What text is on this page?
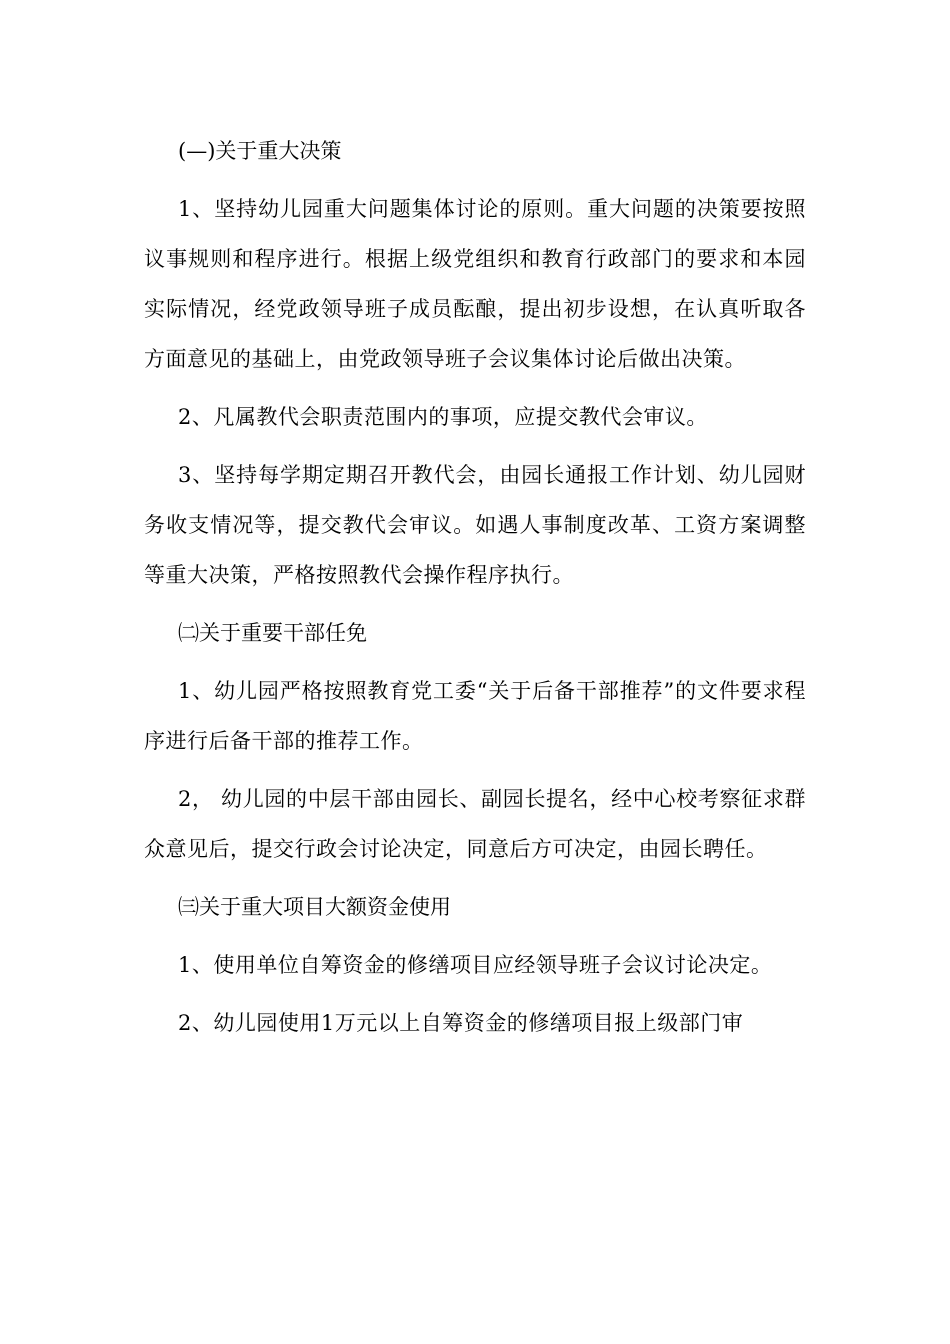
(—)关于重大决策

1、坚持幼儿园重大问题集体讨论的原则。重大问题的决策要按照议事规则和程序进行。根据上级党组织和教育行政部门的要求和本园实际情况，经党政领导班子成员酝酿，提出初步设想，在认真听取各方面意见的基础上，由党政领导班子会议集体讨论后做出决策。

2、凡属教代会职责范围内的事项，应提交教代会审议。

3、坚持每学期定期召开教代会，由园长通报工作计划、幼儿园财务收支情况等，提交教代会审议。如遇人事制度改革、工资方案调整等重大决策，严格按照教代会操作程序执行。

㈡关于重要干部任免

1、幼儿园严格按照教育党工委“关于后备干部推荐”的文件要求程序进行后备干部的推荐工作。

2， 幼儿园的中层干部由园长、副园长提名，经中心校考察征求群众意见后，提交行政会讨论决定，同意后方可决定，由园长聘任。

㈢关于重大项目大额资金使用

1、使用单位自筹资金的修缮项目应经领导班子会议讨论决定。

2、幼儿园使用1万元以上自筹资金的修缮项目报上级部门审
